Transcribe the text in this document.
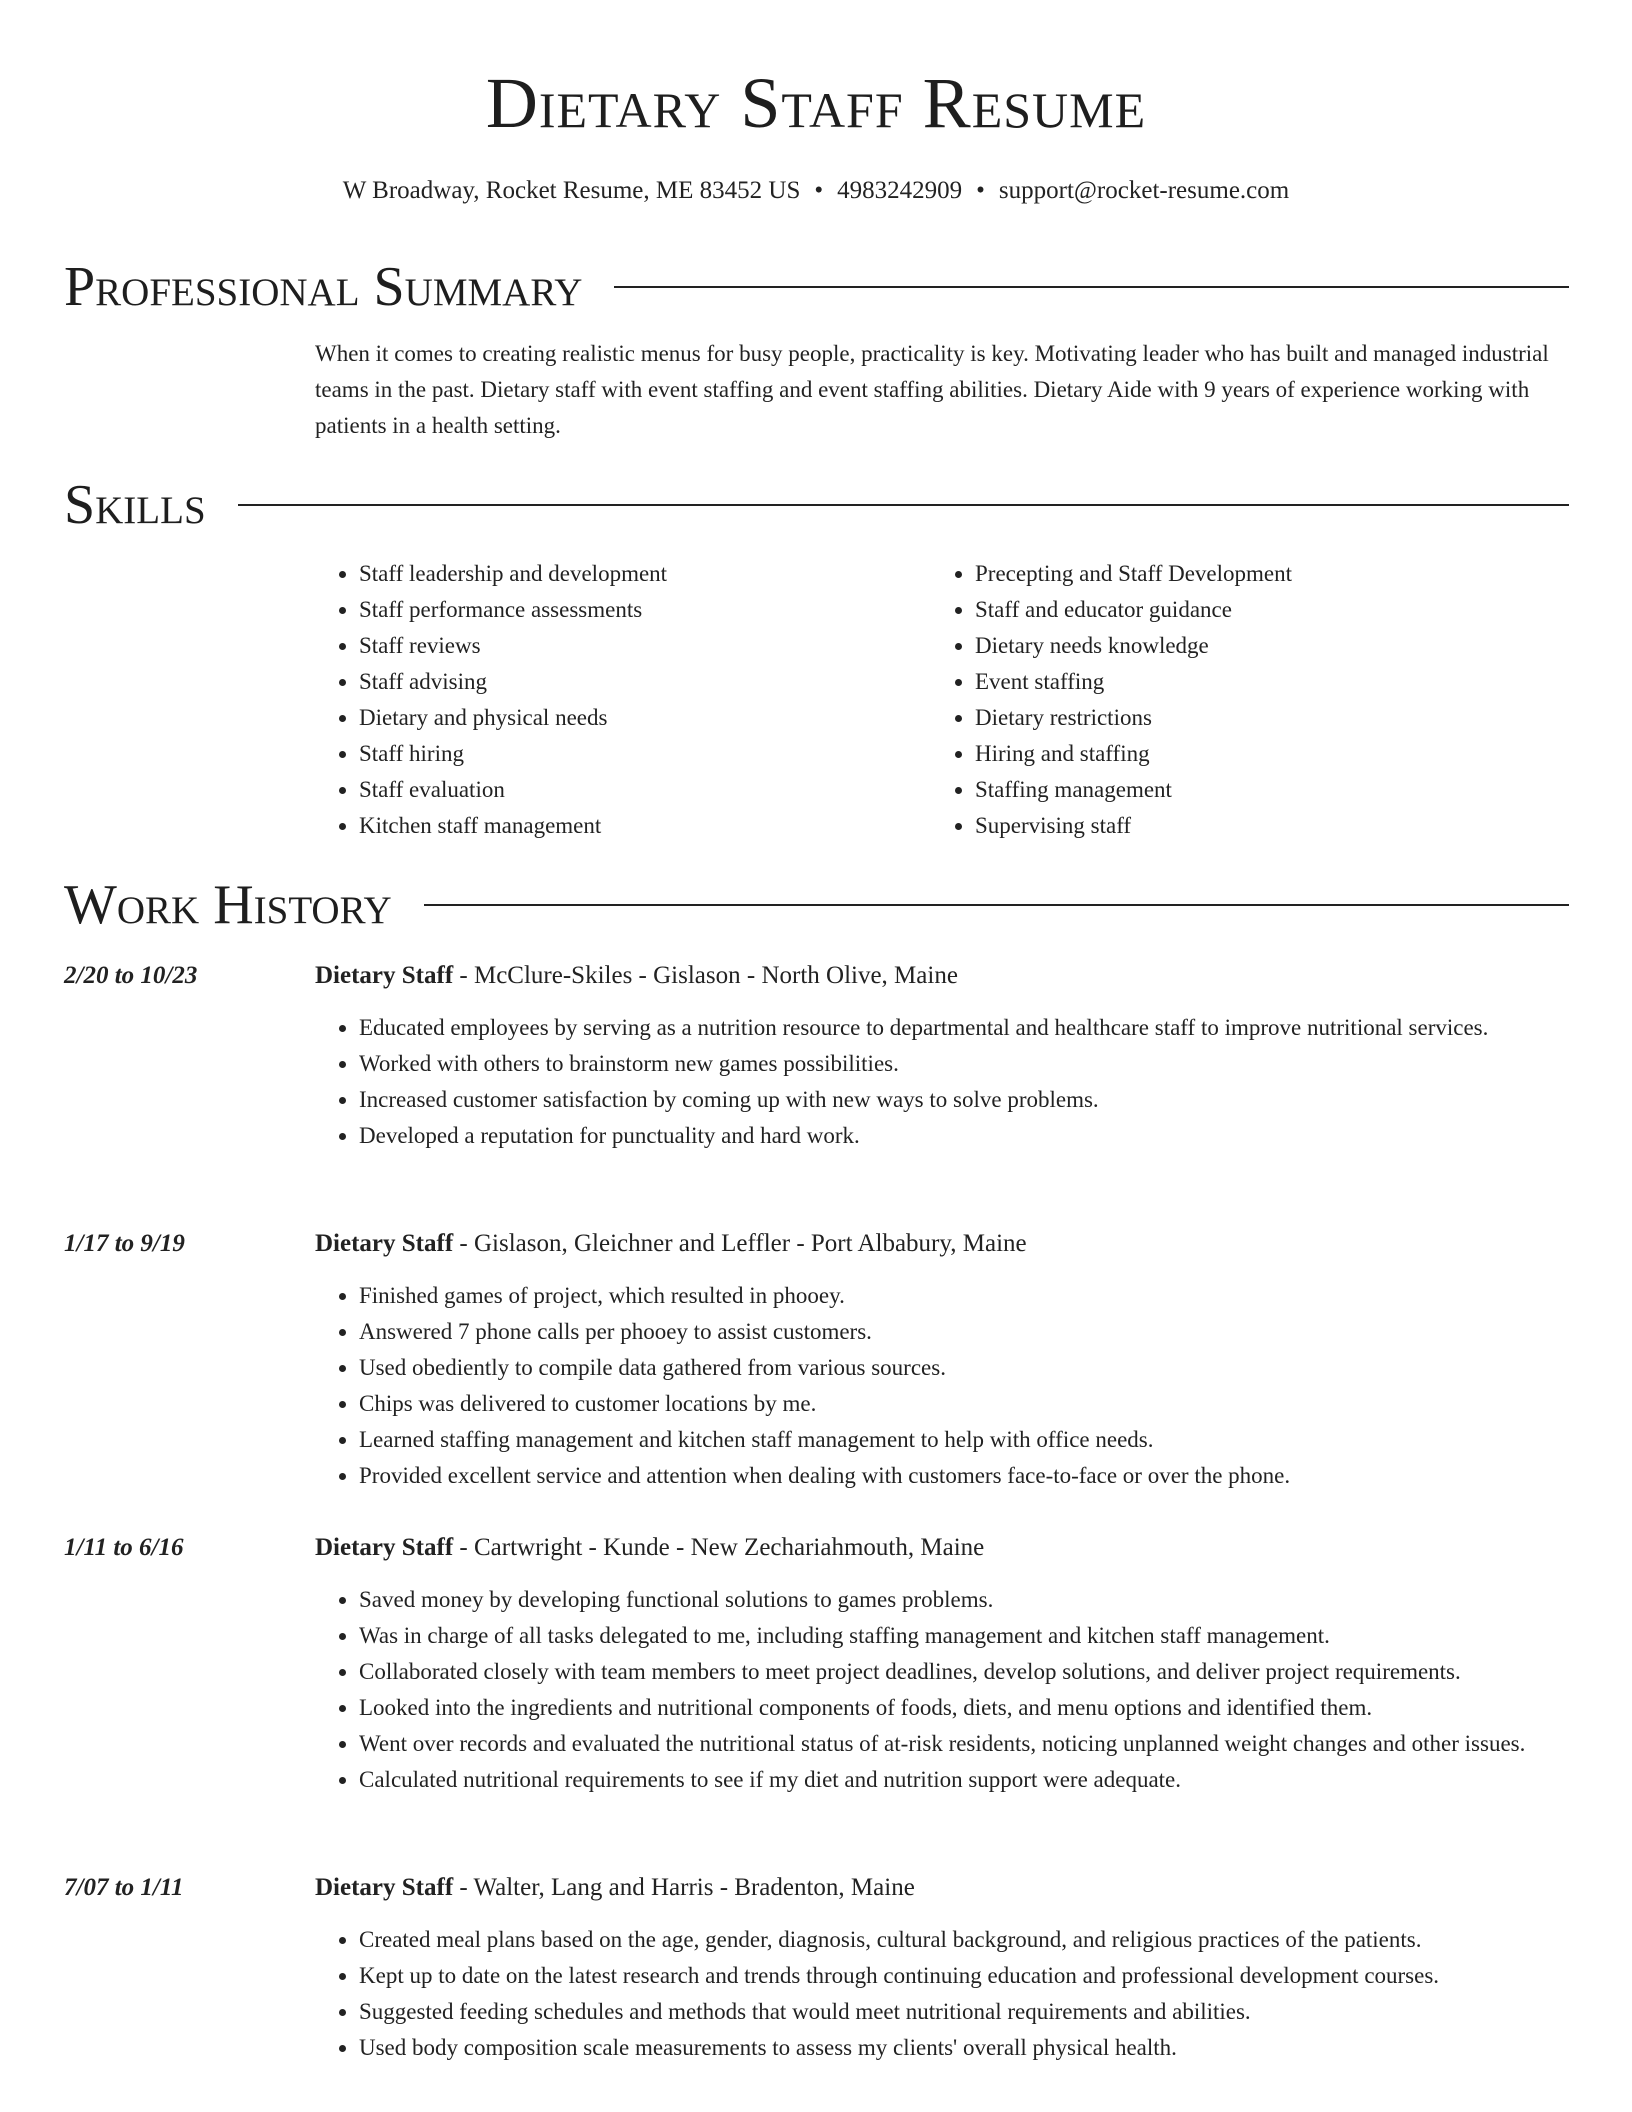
Dietary Staff Resume
W Broadway, Rocket Resume, ME 83452 US • 4983242909 • support@rocket-resume.com
Professional Summary

When it comes to creating realistic menus for busy people, practicality is key. Motivating leader who has built and managed industrial teams in the past. Dietary staff with event staffing and event staffing abilities. Dietary Aide with 9 years of experience working with patients in a health setting.

Skills
• Staff leadership and development
• Staff performance assessments
• Staff reviews
• Staff advising
• Dietary and physical needs
• Staff hiring
• Staff evaluation
• Kitchen staff management
• Precepting and Staff Development
• Staff and educator guidance
• Dietary needs knowledge
• Event staffing
• Dietary restrictions
• Hiring and staffing
• Staffing management
• Supervising staff
Work History
2/20 to 10/23	Dietary Staff - McClure-Skiles - Gislason - North Olive, Maine
• Educated employees by serving as a nutrition resource to departmental and healthcare staff to improve nutritional services.
• Worked with others to brainstorm new games possibilities.
• Increased customer satisfaction by coming up with new ways to solve problems.
• Developed a reputation for punctuality and hard work.
1/17 to 9/19	Dietary Staff - Gislason, Gleichner and Leffler - Port Albabury, Maine
• Finished games of project, which resulted in phooey.
• Answered 7 phone calls per phooey to assist customers.
• Used obediently to compile data gathered from various sources.
• Chips was delivered to customer locations by me.
• Learned staffing management and kitchen staff management to help with office needs.
• Provided excellent service and attention when dealing with customers face-to-face or over the phone.
1/11 to 6/16	Dietary Staff - Cartwright - Kunde - New Zechariahmouth, Maine
• Saved money by developing functional solutions to games problems.
• Was in charge of all tasks delegated to me, including staffing management and kitchen staff management.
• Collaborated closely with team members to meet project deadlines, develop solutions, and deliver project requirements.
• Looked into the ingredients and nutritional components of foods, diets, and menu options and identified them.
• Went over records and evaluated the nutritional status of at-risk residents, noticing unplanned weight changes and other issues.
• Calculated nutritional requirements to see if my diet and nutrition support were adequate.
7/07 to 1/11	Dietary Staff - Walter, Lang and Harris - Bradenton, Maine
• Created meal plans based on the age, gender, diagnosis, cultural background, and religious practices of the patients.
• Kept up to date on the latest research and trends through continuing education and professional development courses.
• Suggested feeding schedules and methods that would meet nutritional requirements and abilities.
• Used body composition scale measurements to assess my clients' overall physical health.
